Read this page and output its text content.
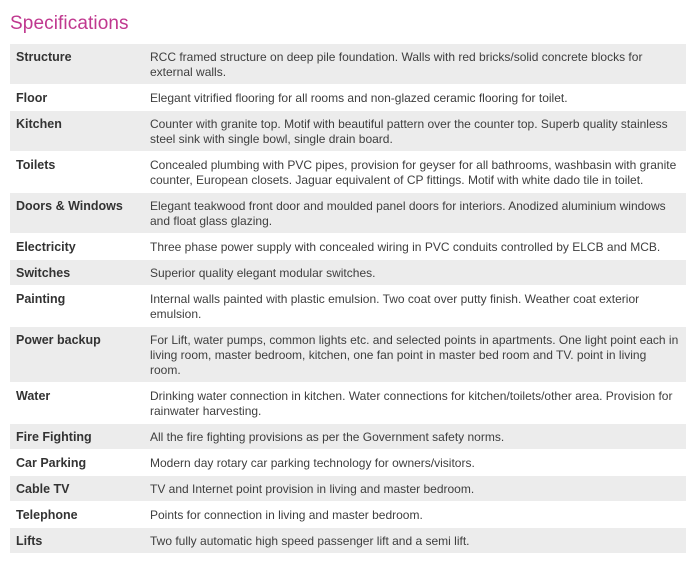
Specifications
Structure	RCC framed structure on deep pile foundation. Walls with red bricks/solid concrete blocks for external walls.
Floor	Elegant vitrified flooring for all rooms and non-glazed ceramic flooring for toilet.
Kitchen	Counter with granite top. Motif with beautiful pattern over the counter top. Superb quality stainless steel sink with single bowl, single drain board.
Toilets	Concealed plumbing with PVC pipes, provision for geyser for all bathrooms, washbasin with granite counter, European closets. Jaguar equivalent of CP fittings. Motif with white dado tile in toilet.
Doors & Windows	Elegant teakwood front door and moulded panel doors for interiors. Anodized aluminium windows and float glass glazing.
Electricity	Three phase power supply with concealed wiring in PVC conduits controlled by ELCB and MCB.
Switches	Superior quality elegant modular switches.
Painting	Internal walls painted with plastic emulsion. Two coat over putty finish. Weather coat exterior emulsion.
Power backup	For Lift, water pumps, common lights etc. and selected points in apartments. One light point each in living room, master bedroom, kitchen, one fan point in master bed room and TV. point in living room.
Water	Drinking water connection in kitchen. Water connections for kitchen/toilets/other area. Provision for rainwater harvesting.
Fire Fighting	All the fire fighting provisions as per the Government safety norms.
Car Parking	Modern day rotary car parking technology for owners/visitors.
Cable TV	TV and Internet point provision in living and master bedroom.
Telephone	Points for connection in living and master bedroom.
Lifts	Two fully automatic high speed passenger lift and a semi lift.
